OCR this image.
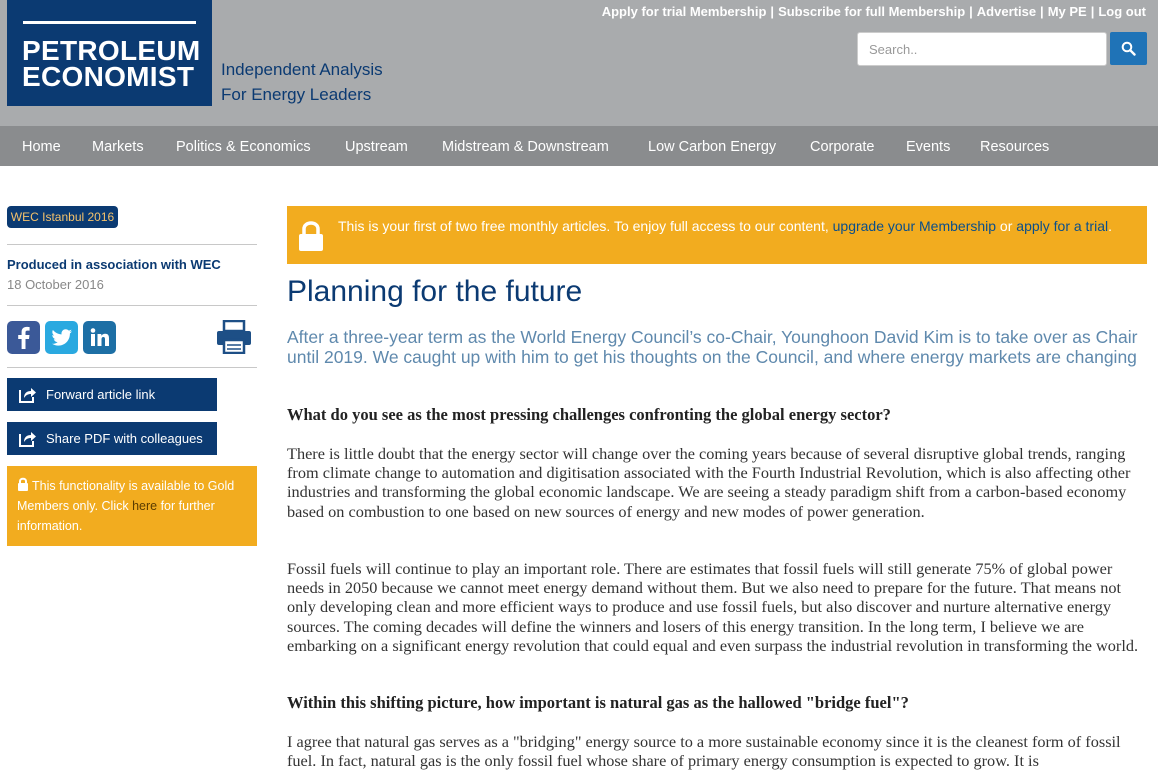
PETROLEUM
ECONOMIST Independent Analysis
For Energy Leaders
Apply for trial Membership | Subscribe for full Membership | Advertise | My PE | Log out
Search..
Home Markets Politics & Economics Upstream Midstream & Downstream	Low Carbon Energy Corporate Events Resources
WEC Istanbul 2016
Produced in association with WEC
18 October 2016
Forward article link
Share PDF with colleagues
This functionality is available to Gold Members only. Click here for further information.
This is your first of two free monthly articles. To enjoy full access to our content, upgrade your Membership or apply for a trial.
Planning for the future
After a three-year term as the World Energy Council’s co-Chair, Younghoon David Kim is to take over as Chair until 2019. We caught up with him to get his thoughts on the Council, and where energy markets are changing
What do you see as the most pressing challenges confronting the global energy sector?
There is little doubt that the energy sector will change over the coming years because of several disruptive global trends, ranging from climate change to automation and digitisation associated with the Fourth Industrial Revolution, which is also affecting other industries and transforming the global economic landscape. We are seeing a steady paradigm shift from a carbon-based economy based on combustion to one based on new sources of energy and new modes of power generation.
Fossil fuels will continue to play an important role. There are estimates that fossil fuels will still generate 75% of global power needs in 2050 because we cannot meet energy demand without them. But we also need to prepare for the future. That means not only developing clean and more efficient ways to produce and use fossil fuels, but also discover and nurture alternative energy sources. The coming decades will define the winners and losers of this energy transition. In the long term, I believe we are embarking on a significant energy revolution that could equal and even surpass the industrial revolution in transforming the world.
Within this shifting picture, how important is natural gas as the hallowed "bridge fuel"?
I agree that natural gas serves as a "bridging" energy source to a more sustainable economy since it is the cleanest form of fossil fuel. In fact, natural gas is the only fossil fuel whose share of primary energy consumption is expected to grow. It is
